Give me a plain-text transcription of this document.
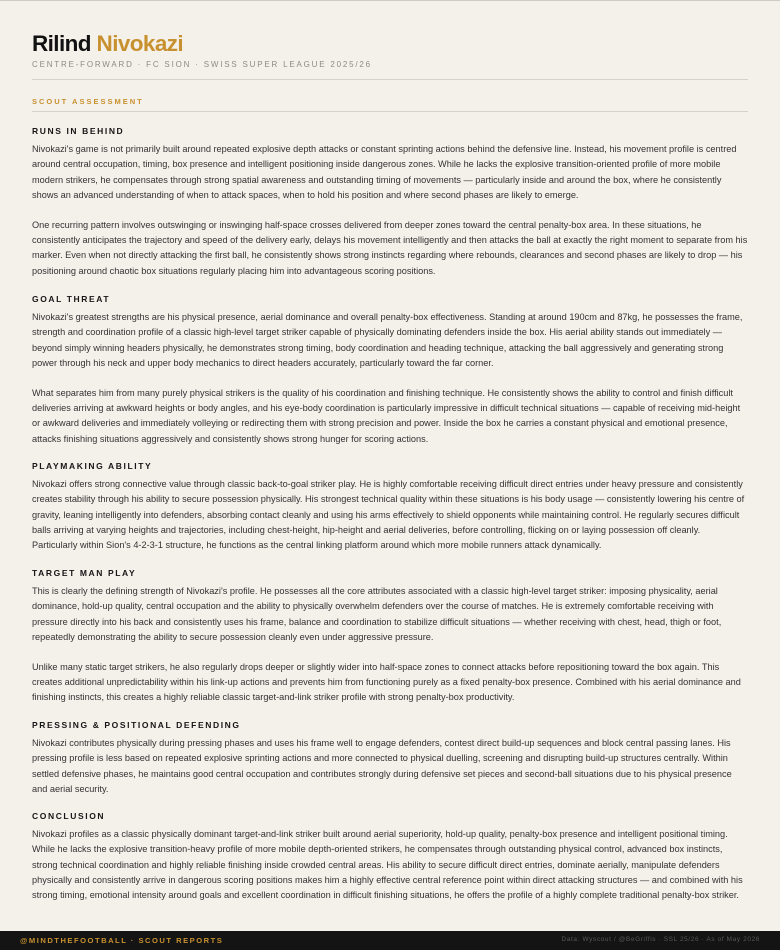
Rilind Nivokazi
CENTRE-FORWARD · FC SION · SWISS SUPER LEAGUE 2025/26
SCOUT ASSESSMENT
RUNS IN BEHIND

Nivokazi's game is not primarily built around repeated explosive depth attacks or constant sprinting actions behind the defensive line. Instead, his movement profile is centred around central occupation, timing, box presence and intelligent positioning inside dangerous zones. While he lacks the explosive transition-oriented profile of more mobile modern strikers, he compensates through strong spatial awareness and outstanding timing of movements — particularly inside and around the box, where he consistently shows an advanced understanding of when to attack spaces, when to hold his position and where second phases are likely to emerge.

One recurring pattern involves outswinging or inswinging half-space crosses delivered from deeper zones toward the central penalty-box area. In these situations, he consistently anticipates the trajectory and speed of the delivery early, delays his movement intelligently and then attacks the ball at exactly the right moment to separate from his marker. Even when not directly attacking the first ball, he consistently shows strong instincts regarding where rebounds, clearances and second phases are likely to drop — his positioning around chaotic box situations regularly placing him into advantageous scoring positions.

GOAL THREAT

Nivokazi's greatest strengths are his physical presence, aerial dominance and overall penalty-box effectiveness. Standing at around 190cm and 87kg, he possesses the frame, strength and coordination profile of a classic high-level target striker capable of physically dominating defenders inside the box. His aerial ability stands out immediately — beyond simply winning headers physically, he demonstrates strong timing, body coordination and heading technique, attacking the ball aggressively and generating strong power through his neck and upper body mechanics to direct headers accurately, particularly toward the far corner.

What separates him from many purely physical strikers is the quality of his coordination and finishing technique. He consistently shows the ability to control and finish difficult deliveries arriving at awkward heights or body angles, and his eye-body coordination is particularly impressive in difficult technical situations — capable of receiving mid-height or awkward deliveries and immediately volleying or redirecting them with strong precision and power. Inside the box he carries a constant physical and emotional presence, attacks finishing situations aggressively and consistently shows strong hunger for scoring actions.

PLAYMAKING ABILITY

Nivokazi offers strong connective value through classic back-to-goal striker play. He is highly comfortable receiving difficult direct entries under heavy pressure and consistently creates stability through his ability to secure possession physically. His strongest technical quality within these situations is his body usage — consistently lowering his centre of gravity, leaning intelligently into defenders, absorbing contact cleanly and using his arms effectively to shield opponents while maintaining control. He regularly secures difficult balls arriving at varying heights and trajectories, including chest-height, hip-height and aerial deliveries, before controlling, flicking on or laying possession off cleanly. Particularly within Sion's 4-2-3-1 structure, he functions as the central linking platform around which more mobile runners attack dynamically.

TARGET MAN PLAY

This is clearly the defining strength of Nivokazi's profile. He possesses all the core attributes associated with a classic high-level target striker: imposing physicality, aerial dominance, hold-up quality, central occupation and the ability to physically overwhelm defenders over the course of matches. He is extremely comfortable receiving with pressure directly into his back and consistently uses his frame, balance and coordination to stabilize difficult situations — whether receiving with chest, head, thigh or foot, repeatedly demonstrating the ability to secure possession cleanly even under aggressive pressure.

Unlike many static target strikers, he also regularly drops deeper or slightly wider into half-space zones to connect attacks before repositioning toward the box again. This creates additional unpredictability within his link-up actions and prevents him from functioning purely as a fixed penalty-box presence. Combined with his aerial dominance and finishing instincts, this creates a highly reliable classic target-and-link striker profile with strong penalty-box productivity.

PRESSING & POSITIONAL DEFENDING

Nivokazi contributes physically during pressing phases and uses his frame well to engage defenders, contest direct build-up sequences and block central passing lanes. His pressing profile is less based on repeated explosive sprinting actions and more connected to physical duelling, screening and disrupting build-up structures centrally. Within settled defensive phases, he maintains good central occupation and contributes strongly during defensive set pieces and second-ball situations due to his physical presence and aerial security.

CONCLUSION

Nivokazi profiles as a classic physically dominant target-and-link striker built around aerial superiority, hold-up quality, penalty-box presence and intelligent positional timing. While he lacks the explosive transition-heavy profile of more mobile depth-oriented strikers, he compensates through outstanding physical control, advanced box instincts, strong technical coordination and highly reliable finishing inside crowded central areas. His ability to secure difficult direct entries, dominate aerially, manipulate defenders physically and consistently arrive in dangerous scoring positions makes him a highly effective central reference point within direct attacking structures — and combined with his strong timing, emotional intensity around goals and excellent coordination in difficult finishing situations, he offers the profile of a highly complete traditional penalty-box striker.

@MINDTHEFOOTBALL · SCOUT REPORTS	Data: Wyscout / @BeGriffis · SSL 25/26 · As of May 2026
